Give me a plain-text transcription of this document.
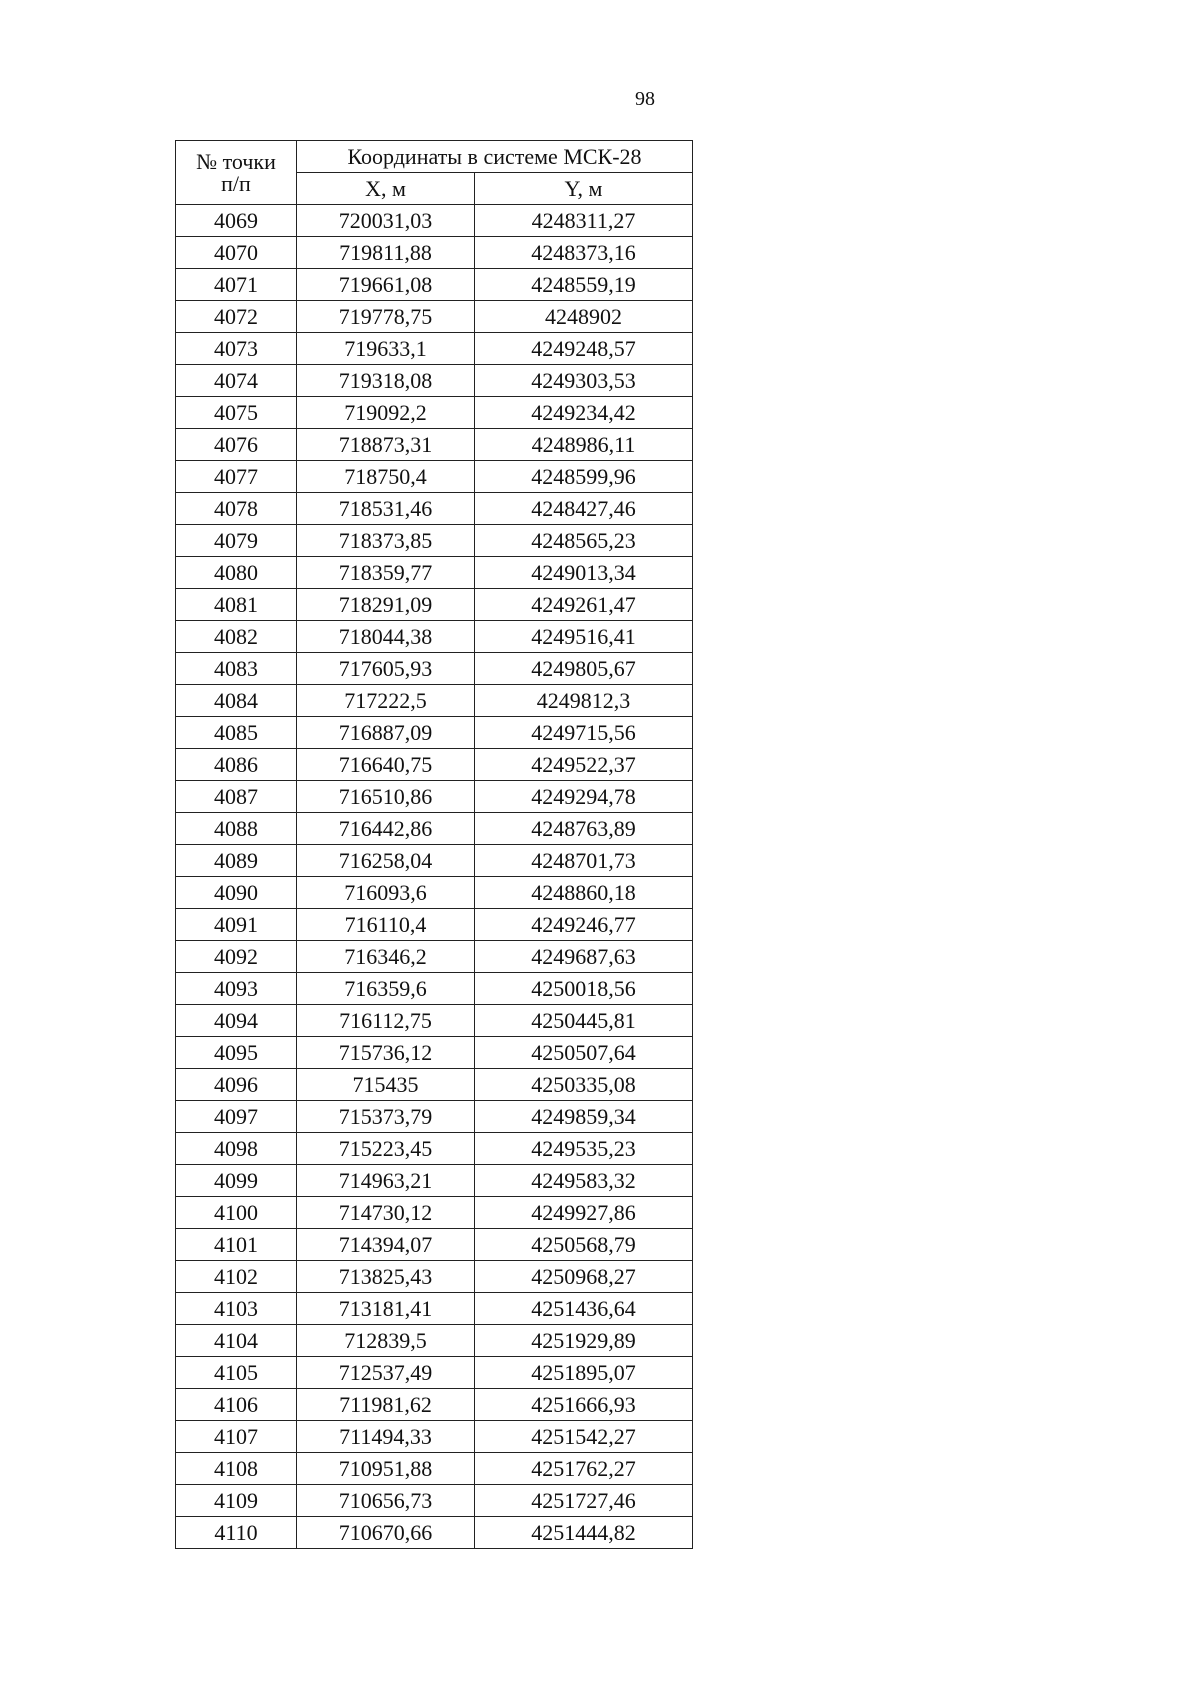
98
№ точки п/п	Координаты в системе МСК-28	
	X, м	Y, м
4069	720031,03	4248311,27
4070	719811,88	4248373,16
4071	719661,08	4248559,19
4072	719778,75	4248902
4073	719633,1	4249248,57
4074	719318,08	4249303,53
4075	719092,2	4249234,42
4076	718873,31	4248986,11
4077	718750,4	4248599,96
4078	718531,46	4248427,46
4079	718373,85	4248565,23
4080	718359,77	4249013,34
4081	718291,09	4249261,47
4082	718044,38	4249516,41
4083	717605,93	4249805,67
4084	717222,5	4249812,3
4085	716887,09	4249715,56
4086	716640,75	4249522,37
4087	716510,86	4249294,78
4088	716442,86	4248763,89
4089	716258,04	4248701,73
4090	716093,6	4248860,18
4091	716110,4	4249246,77
4092	716346,2	4249687,63
4093	716359,6	4250018,56
4094	716112,75	4250445,81
4095	715736,12	4250507,64
4096	715435	4250335,08
4097	715373,79	4249859,34
4098	715223,45	4249535,23
4099	714963,21	4249583,32
4100	714730,12	4249927,86
4101	714394,07	4250568,79
4102	713825,43	4250968,27
4103	713181,41	4251436,64
4104	712839,5	4251929,89
4105	712537,49	4251895,07
4106	711981,62	4251666,93
4107	711494,33	4251542,27
4108	710951,88	4251762,27
4109	710656,73	4251727,46
4110	710670,66	4251444,82
